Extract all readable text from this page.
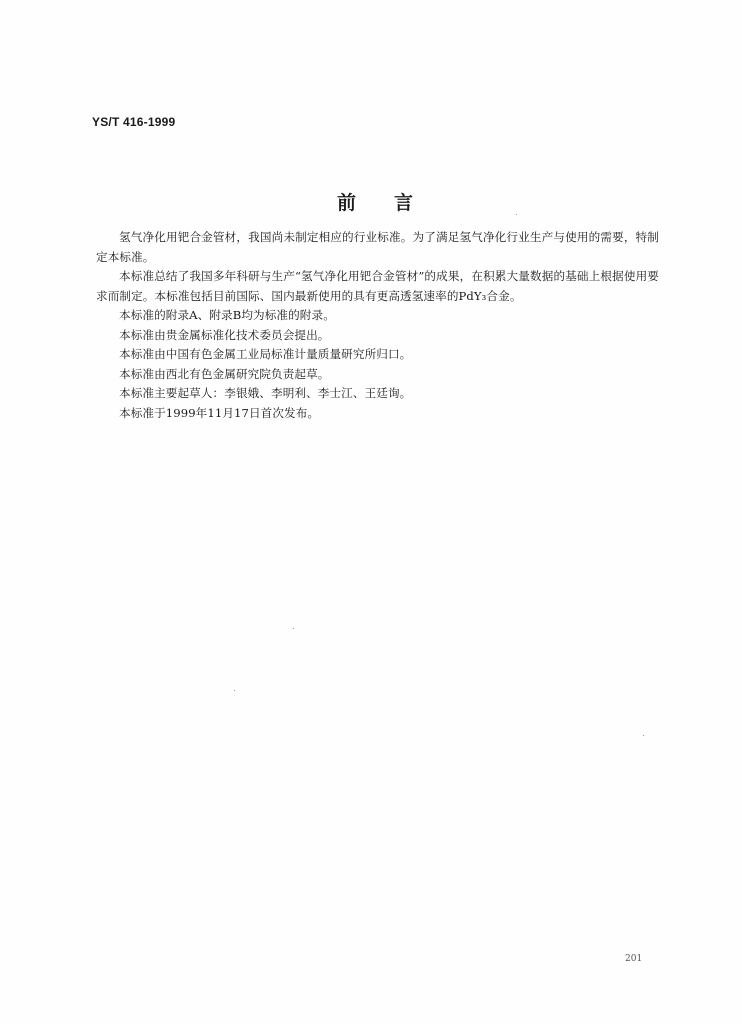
YS/T 416-1999
前言

氢气净化用钯合金管材，我国尚未制定相应的行业标准。为了满足氢气净化行业生产与使用的需要，特制定本标准。

本标准总结了我国多年科研与生产“氢气净化用钯合金管材”的成果，在积累大量数据的基础上根据使用要求而制定。本标准包括目前国际、国内最新使用的具有更高透氢速率的PdY₃合金。

本标准的附录A、附录B均为标准的附录。

本标准由贵金属标准化技术委员会提出。

本标准由中国有色金属工业局标准计量质量研究所归口。

本标准由西北有色金属研究院负责起草。

本标准主要起草人：李银娥、李明利、李士江、王廷询。

本标准于1999年11月17日首次发布。

201
